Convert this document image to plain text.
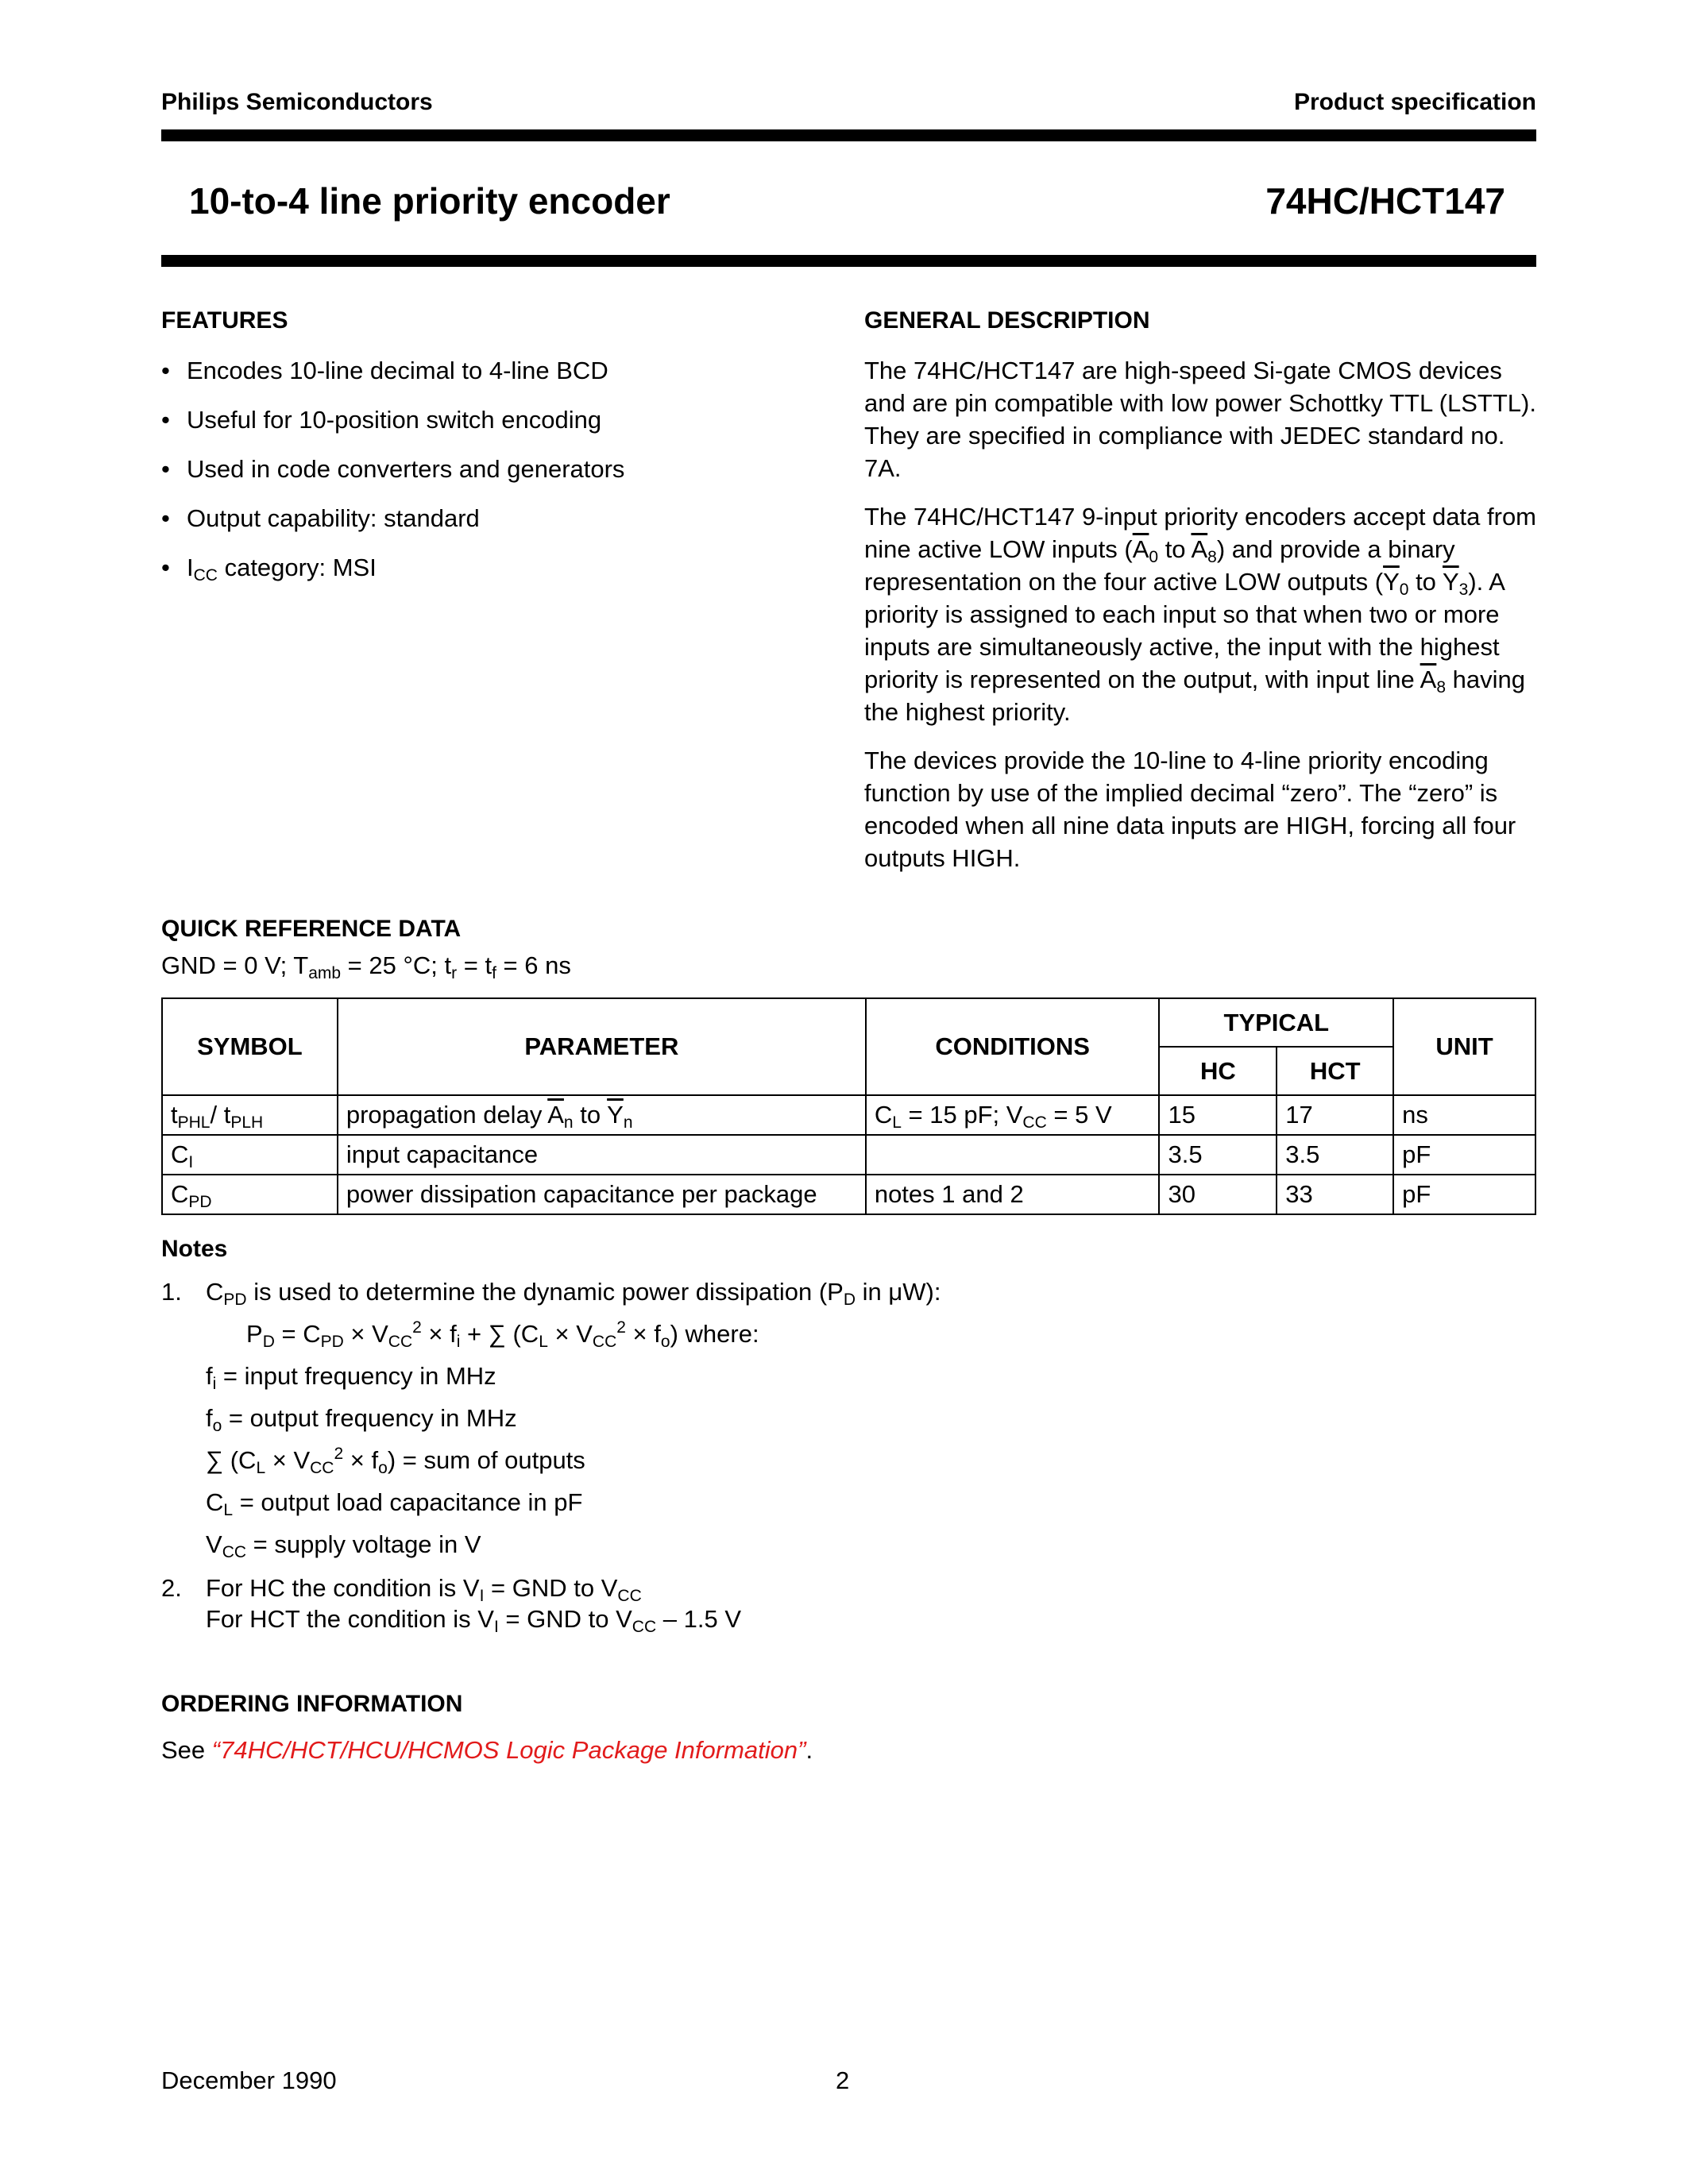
Philips Semiconductors	Product specification
10-to-4 line priority encoder	74HC/HCT147
FEATURES
• Encodes 10-line decimal to 4-line BCD
• Useful for 10-position switch encoding
• Used in code converters and generators
• Output capability: standard
• $I_{CC}$ category: MSI
GENERAL DESCRIPTION

The 74HC/HCT147 are high-speed Si-gate CMOS devices and are pin compatible with low power Schottky TTL (LSTTL). They are specified in compliance with JEDEC standard no. 7A.

The 74HC/HCT147 9-input priority encoders accept data from nine active LOW inputs ($\overline{A}_0$ to $\overline{A}_8$) and provide a binary representation on the four active LOW outputs ($\overline{Y}_0$ to $\overline{Y}_3$). A priority is assigned to each input so that when two or more inputs are simultaneously active, the input with the highest priority is represented on the output, with input line $\overline{A}_8$ having the highest priority.

The devices provide the 10-line to 4-line priority encoding function by use of the implied decimal “zero”. The “zero” is encoded when all nine data inputs are HIGH, forcing all four outputs HIGH.

QUICK REFERENCE DATA
GND = 0 V; $T_{amb} = 25$ °C; $t_r = t_f = 6$ ns
SYMBOL	PARAMETER	CONDITIONS	TYPICAL		UNIT
			HC	HCT	
$t_{PHL}/$ $t_{PLH}$	propagation delay $\overline{A}_n$ to $\overline{Y}_n$	$C_L = 15$ pF; $V_{CC} = 5$ V	15	17	ns
$C_I$	input capacitance		3.5	3.5	pF
$C_{PD}$	power dissipation capacitance per package	notes 1 and 2	30	33	pF
Notes
1. $C_{PD}$ is used to determine the dynamic power dissipation ($P_D$ in μW):
$P_D = C_{PD} \times V_{CC}^2 \times f_i$ + ∑ $(C_L \times V_{CC}^2 \times f_o)$ where:
$f_i$ = input frequency in MHz
$f_o$ = output frequency in MHz
∑ $(C_L \times V_{CC}^2 \times f_o)$ = sum of outputs
$C_L$ = output load capacitance in pF
$V_{CC}$ = supply voltage in V
2. For HC the condition is $V_I$ = GND to $V_{CC}$
For HCT the condition is $V_I$ = GND to $V_{CC} - 1.5$ V
ORDERING INFORMATION
See “74HC/HCT/HCU/HCMOS Logic Package Information”.
December 1990	2
